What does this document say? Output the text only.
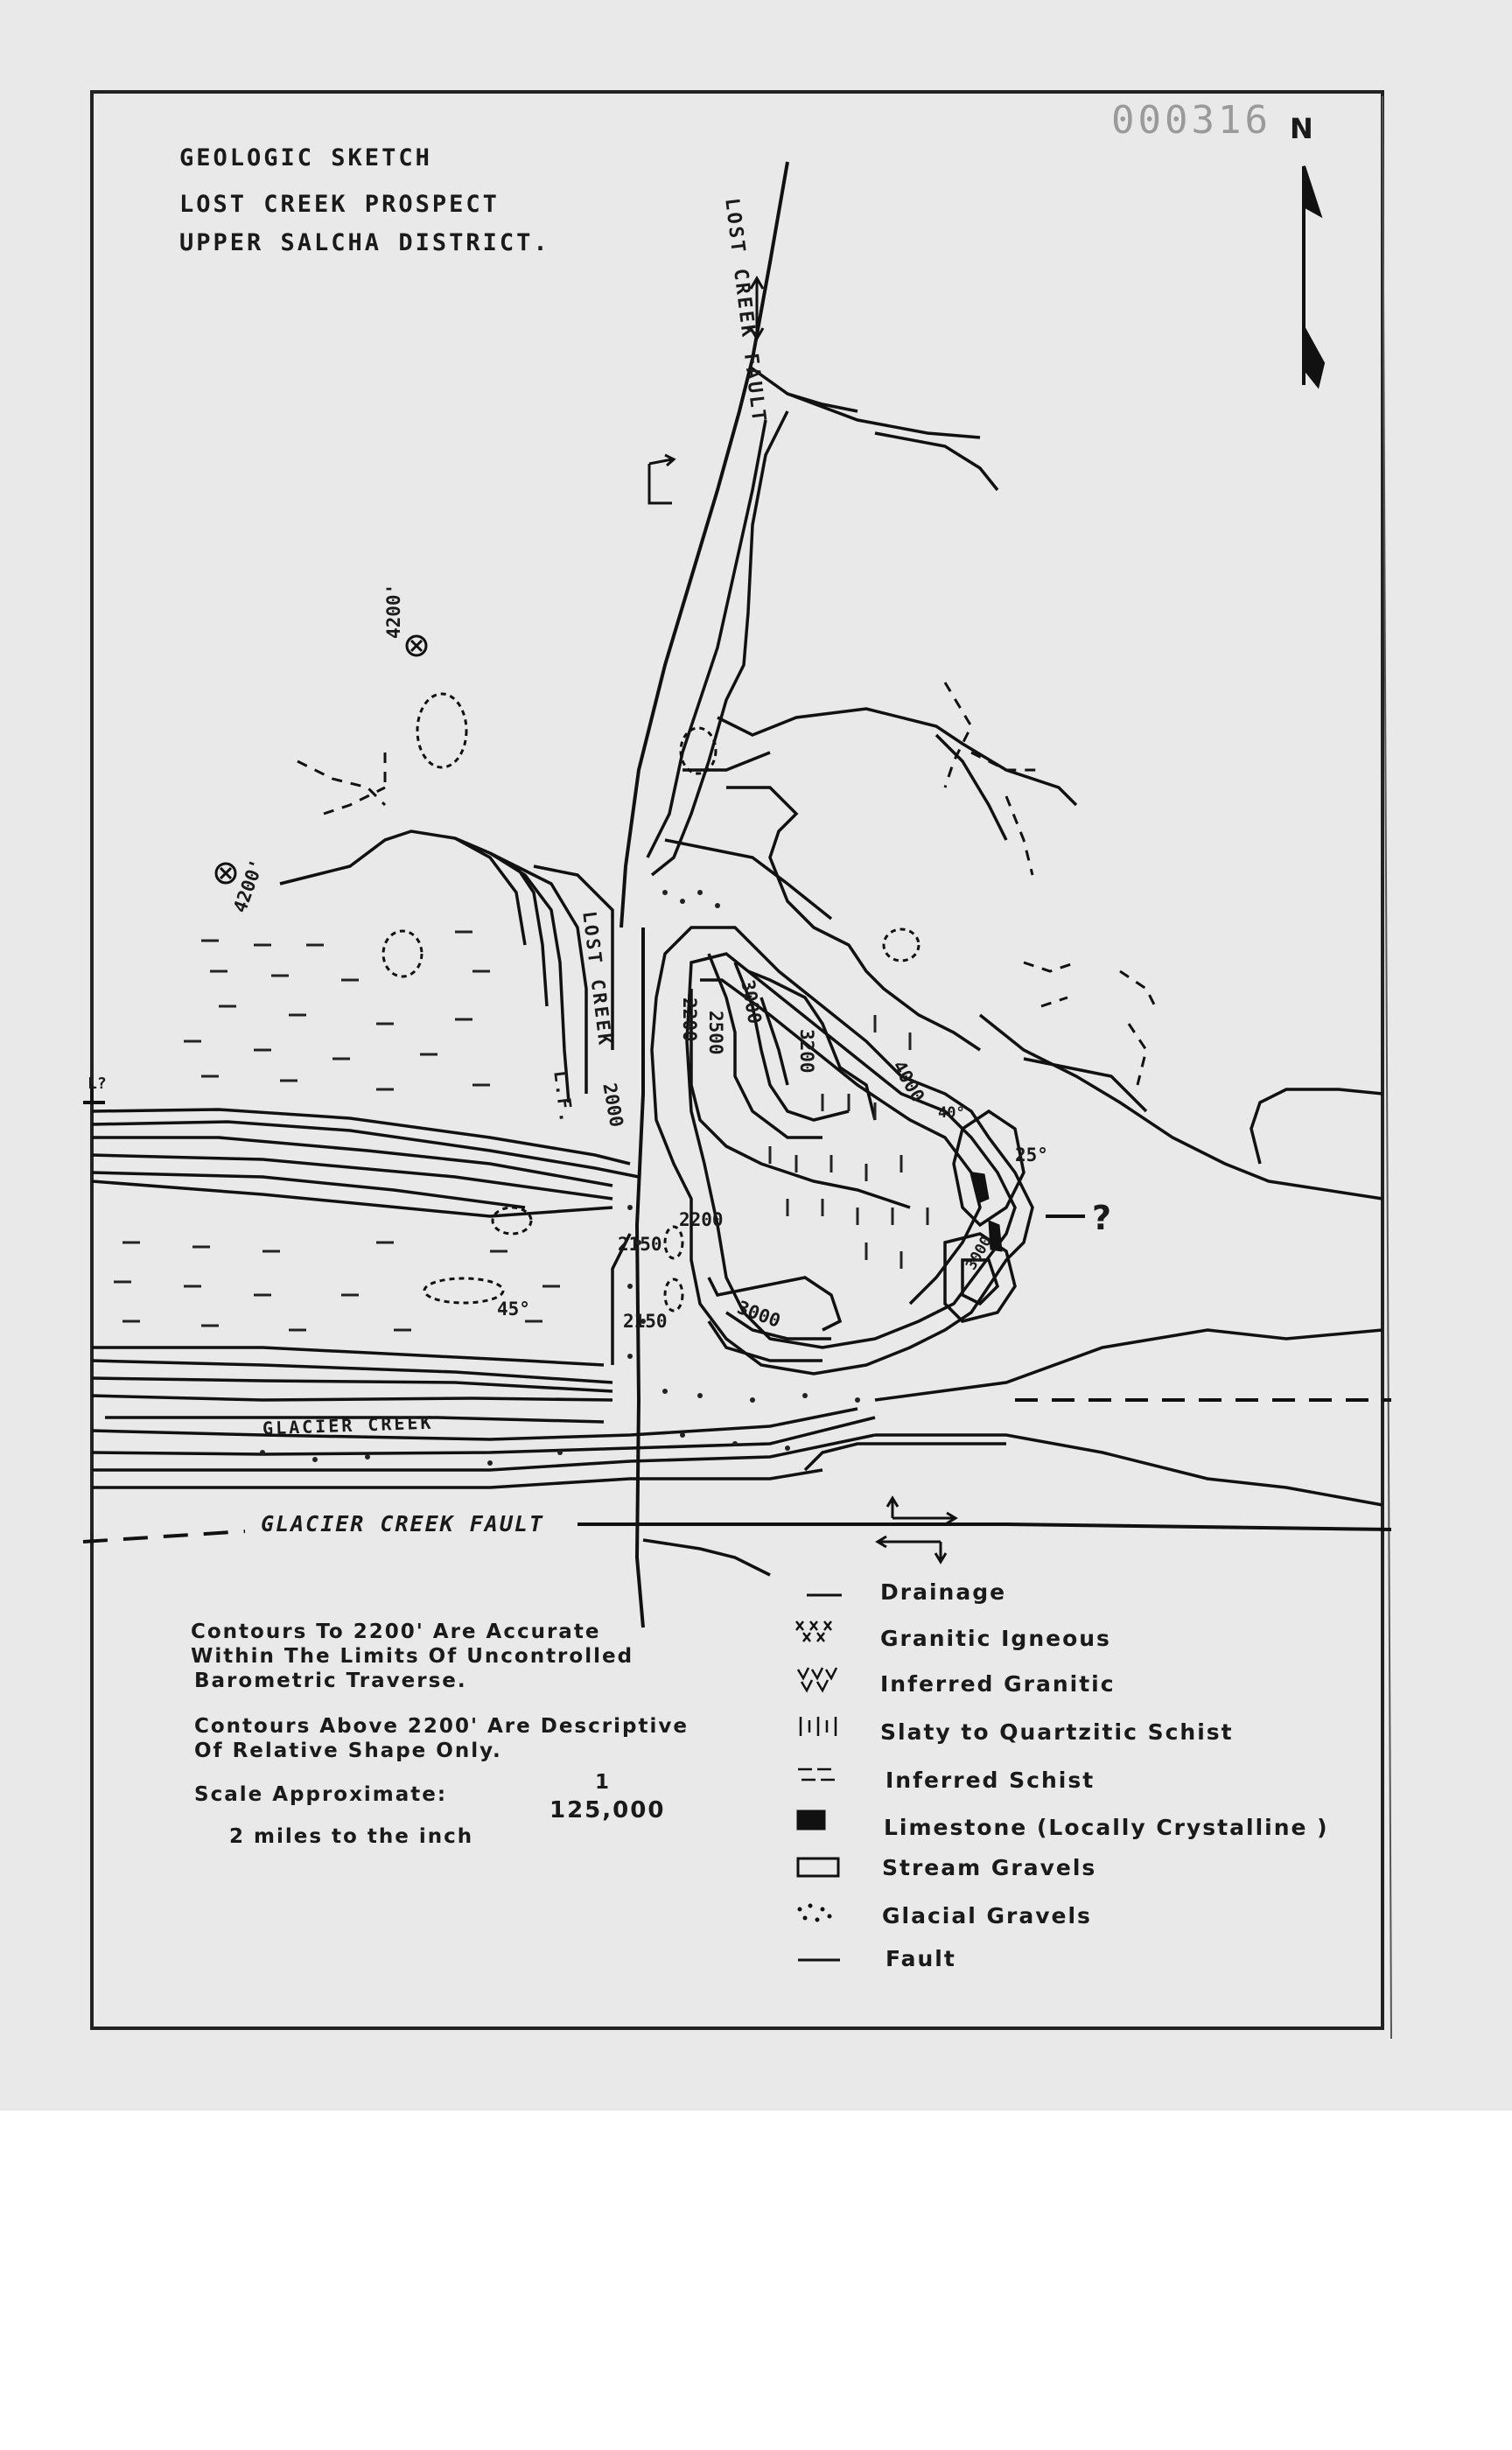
GEOLOGIC SKETCH
LOST CREEK PROSPECT
UPPER SALCHA DISTRICT.
000316 N
LOST CREEK FAULT
LOST CREEK
L.F.
GLACIER CREEK
GLACIER CREEK FAULT
?
L?
4200'
4200'
2200 2500
3000
3200
2000
2150
2200
2150	3000
4000
3000
45°
25°
40°
Contours To 2200' Are Accurate
Within The Limits Of Uncontrolled
Barometric Traverse.
Contours Above 2200' Are Descriptive
Of Relative Shape Only.
Scale Approximate:
1
125,000
2 miles to the inch
Drainage
Granitic Igneous
Inferred Granitic
Slaty to Quartzitic Schist
Inferred Schist
Limestone (Locally Crystalline )
Stream Gravels
Glacial Gravels
Fault
